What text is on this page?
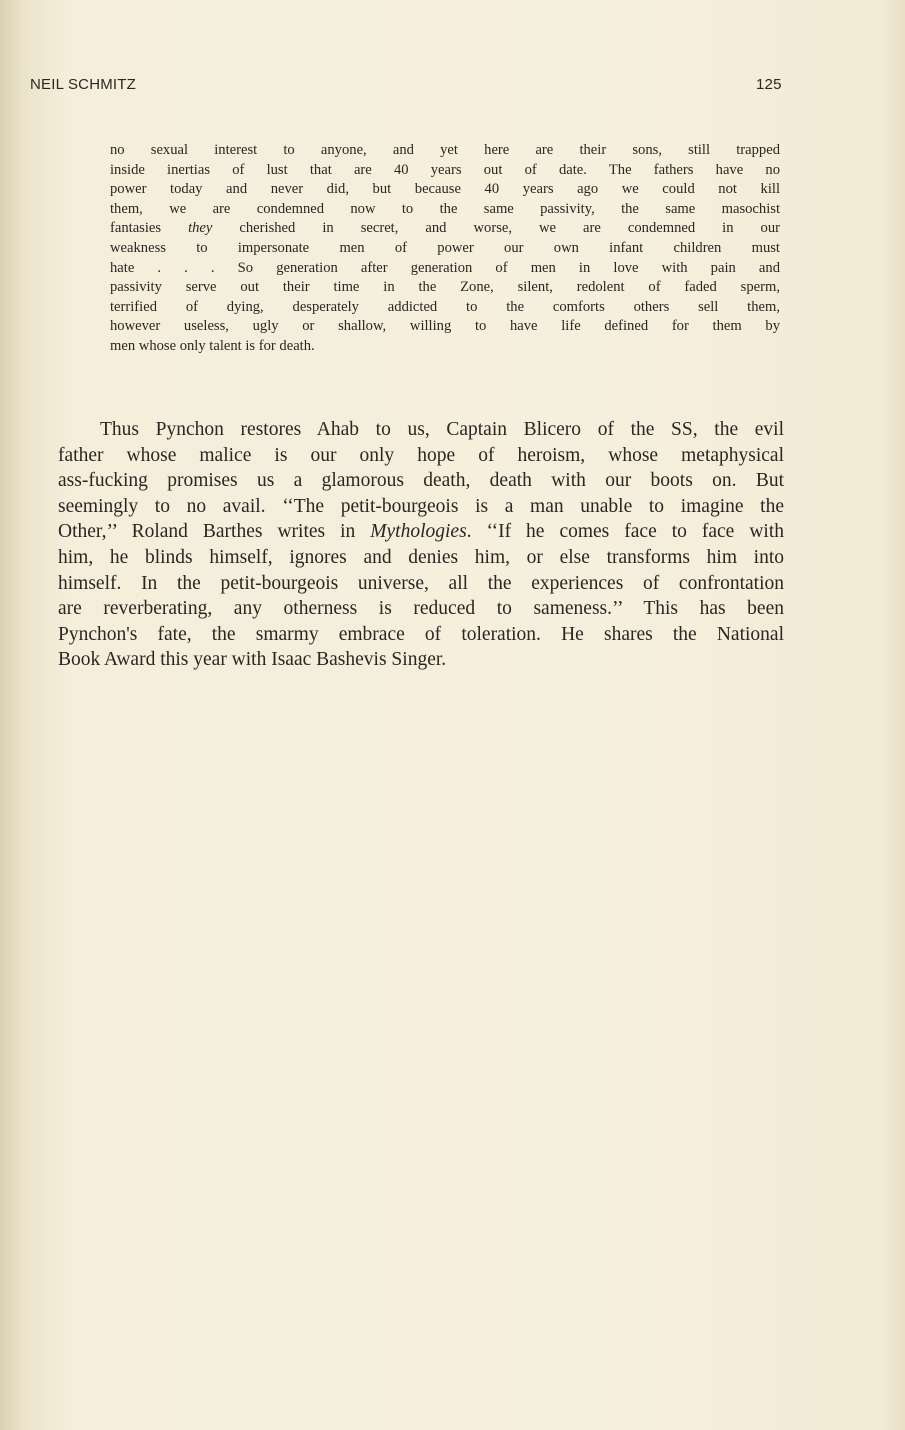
NEIL SCHMITZ	125
no sexual interest to anyone, and yet here are their sons, still trapped
inside inertias of lust that are 40 years out of date. The fathers have no
power today and never did, but because 40 years ago we could not kill
them, we are condemned now to the same passivity, the same masochist
fantasies they cherished in secret, and worse, we are condemned in our
weakness to impersonate men of power our own infant children must
hate . . . So generation after generation of men in love with pain and
passivity serve out their time in the Zone, silent, redolent of faded sperm,
terrified of dying, desperately addicted to the comforts others sell them,
however useless, ugly or shallow, willing to have life defined for them by
men whose only talent is for death.
Thus Pynchon restores Ahab to us, Captain Blicero of the SS, the evil
father whose malice is our only hope of heroism, whose metaphysical
ass-fucking promises us a glamorous death, death with our boots on. But
seemingly to no avail. ‘‘The petit-bourgeois is a man unable to imagine the
Other,’’ Roland Barthes writes in Mythologies. ‘‘If he comes face to face with
him, he blinds himself, ignores and denies him, or else transforms him into
himself. In the petit-bourgeois universe, all the experiences of confrontation
are reverberating, any otherness is reduced to sameness.’’ This has been
Pynchon's fate, the smarmy embrace of toleration. He shares the National
Book Award this year with Isaac Bashevis Singer.
